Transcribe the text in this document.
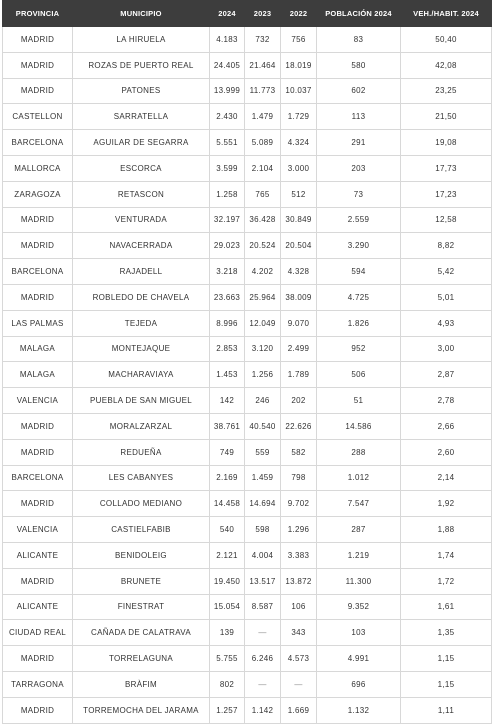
PROVINCIA	MUNICIPIO	2024	2023	2022	POBLACIÓN 2024	VEH./HABIT. 2024
MADRID	LA HIRUELA	4.183	732	756	83	50,40
MADRID	ROZAS DE PUERTO REAL	24.405	21.464	18.019	580	42,08
MADRID	PATONES	13.999	11.773	10.037	602	23,25
CASTELLON	SARRATELLA	2.430	1.479	1.729	113	21,50
BARCELONA	AGUILAR DE SEGARRA	5.551	5.089	4.324	291	19,08
MALLORCA	ESCORCA	3.599	2.104	3.000	203	17,73
ZARAGOZA	RETASCON	1.258	765	512	73	17,23
MADRID	VENTURADA	32.197	36.428	30.849	2.559	12,58
MADRID	NAVACERRADA	29.023	20.524	20.504	3.290	8,82
BARCELONA	RAJADELL	3.218	4.202	4.328	594	5,42
MADRID	ROBLEDO DE CHAVELA	23.663	25.964	38.009	4.725	5,01
LAS PALMAS	TEJEDA	8.996	12.049	9.070	1.826	4,93
MALAGA	MONTEJAQUE	2.853	3.120	2.499	952	3,00
MALAGA	MACHARAVIAYA	1.453	1.256	1.789	506	2,87
VALENCIA	PUEBLA DE SAN MIGUEL	142	246	202	51	2,78
MADRID	MORALZARZAL	38.761	40.540	22.626	14.586	2,66
MADRID	REDUEÑA	749	559	582	288	2,60
BARCELONA	LES CABANYES	2.169	1.459	798	1.012	2,14
MADRID	COLLADO MEDIANO	14.458	14.694	9.702	7.547	1,92
VALENCIA	CASTIELFABIB	540	598	1.296	287	1,88
ALICANTE	BENIDOLEIG	2.121	4.004	3.383	1.219	1,74
MADRID	BRUNETE	19.450	13.517	13.872	11.300	1,72
ALICANTE	FINESTRAT	15.054	8.587	106	9.352	1,61
CIUDAD REAL	CAÑADA DE CALATRAVA	139	—	343	103	1,35
MADRID	TORRELAGUNA	5.755	6.246	4.573	4.991	1,15
TARRAGONA	BRÀFIM	802	—	—	696	1,15
MADRID	TORREMOCHA DEL JARAMA	1.257	1.142	1.669	1.132	1,11
